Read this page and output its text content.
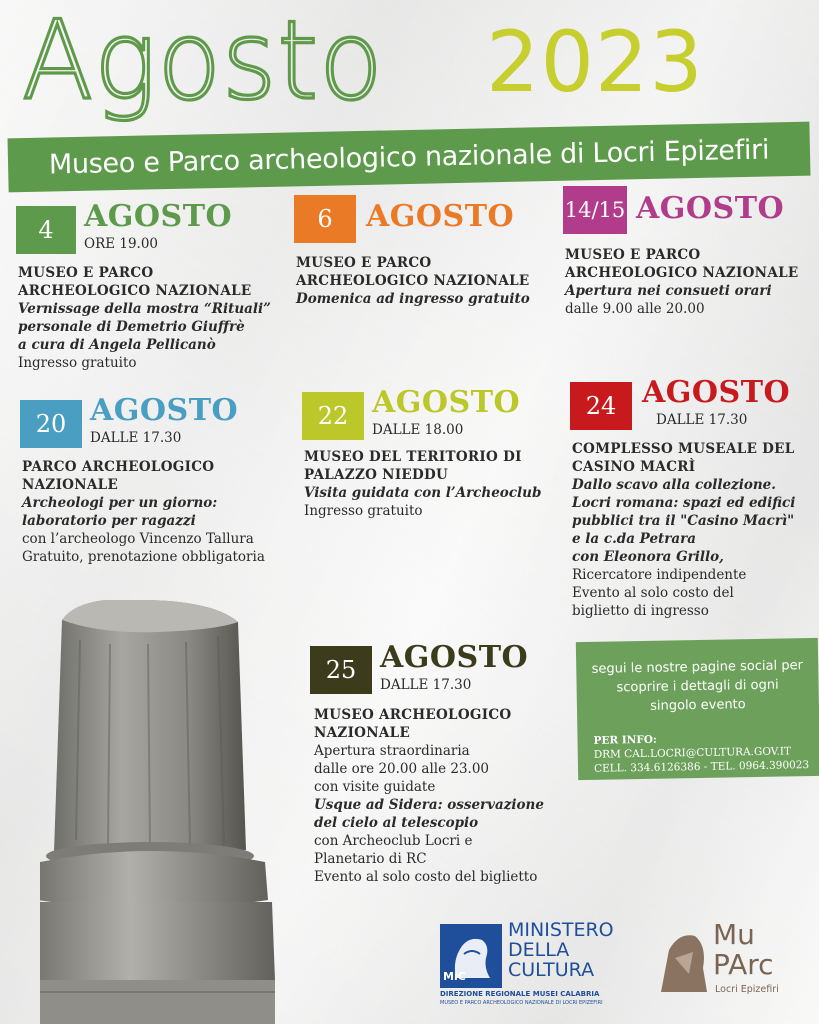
Agosto 2023
Museo e Parco archeologico nazionale di Locri Epizefiri
4	AGOSTO
ORE 19.00
MUSEO E PARCO
ARCHEOLOGICO NAZIONALE
Vernissage della mostra “Rituali”
personale di Demetrio Giuffrè
a cura di Angela Pellicanò
Ingresso gratuito
6	AGOSTO
MUSEO E PARCO
ARCHEOLOGICO NAZIONALE
Domenica ad ingresso gratuito
14/15 AGOSTO
MUSEO E PARCO
ARCHEOLOGICO NAZIONALE
Apertura nei consueti orari
dalle 9.00 alle 20.00
20 AGOSTO
DALLE 17.30
PARCO ARCHEOLOGICO
NAZIONALE
Archeologi per un giorno:
laboratorio per ragazzi
con l’archeologo Vincenzo Tallura
Gratuito, prenotazione obbligatoria
22 AGOSTO
DALLE 18.00
MUSEO DEL TERITORIO DI
PALAZZO NIEDDU
Visita guidata con l’Archeoclub
Ingresso gratuito
24 AGOSTO
DALLE 17.30
COMPLESSO MUSEALE DEL
CASINO MACRÌ
Dallo scavo alla collezione.
Locri romana: spazi ed edifici
pubblici tra il "Casino Macrì"
e la c.da Petrara
con Eleonora Grillo,
Ricercatore indipendente
Evento al solo costo del
biglietto di ingresso
25 AGOSTO
DALLE 17.30
MUSEO ARCHEOLOGICO
NAZIONALE
Apertura straordinaria
dalle ore 20.00 alle 23.00
con visite guidate
Usque ad Sidera: osservazione
del cielo al telescopio
con Archeoclub Locri e
Planetario di RC
Evento al solo costo del biglietto
segui le nostre pagine social per
scoprire i dettagli di ogni
singolo evento
PER INFO:
DRM CAL.LOCRI@CULTURA.GOV.IT
CELL. 334.6126386 - TEL. 0964.390023
MiC
MINISTERO
DELLA
CULTURA
DIREZIONE REGIONALE MUSEI CALABRIA
MUSEO E PARCO ARCHEOLOGICO NAZIONALE DI LOCRI EPIZEFIRI
Mu
PArc
Locri Epizefiri
